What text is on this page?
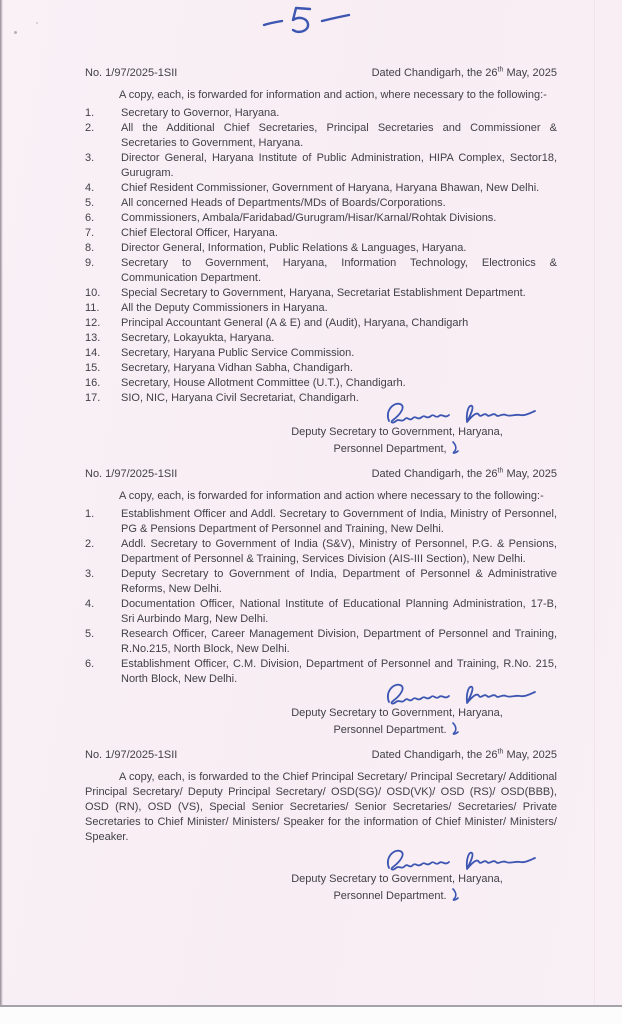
No. 1/97/2025-1SII	Dated Chandigarh, the 26th May, 2025

A copy, each, is forwarded for information and action, where necessary to the following:-

1.	Secretary to Governor, Haryana.
2.	All the Additional Chief Secretaries, Principal Secretaries and Commissioner & Secretaries to Government, Haryana.
3.	Director General, Haryana Institute of Public Administration, HIPA Complex, Sector18, Gurugram.
4.	Chief Resident Commissioner, Government of Haryana, Haryana Bhawan, New Delhi.
5.	All concerned Heads of Departments/MDs of Boards/Corporations.
6.	Commissioners, Ambala/Faridabad/Gurugram/Hisar/Karnal/Rohtak Divisions.
7.	Chief Electoral Officer, Haryana.
8.	Director General, Information, Public Relations & Languages, Haryana.
9.	Secretary to Government, Haryana, Information Technology, Electronics & Communication Department.
10.	Special Secretary to Government, Haryana, Secretariat Establishment Department.
11.	All the Deputy Commissioners in Haryana.
12.	Principal Accountant General (A & E) and (Audit), Haryana, Chandigarh
13.	Secretary, Lokayukta, Haryana.
14.	Secretary, Haryana Public Service Commission.
15.	Secretary, Haryana Vidhan Sabha, Chandigarh.
16.	Secretary, House Allotment Committee (U.T.), Chandigarh.
17.	SIO, NIC, Haryana Civil Secretariat, Chandigarh.
Deputy Secretary to Government, Haryana,
Personnel Department,
No. 1/97/2025-1SII	Dated Chandigarh, the 26th May, 2025

A copy, each, is forwarded for information and action where necessary to the following:-

1.	Establishment Officer and Addl. Secretary to Government of India, Ministry of Personnel, PG & Pensions Department of Personnel and Training, New Delhi.
2.	Addl. Secretary to Government of India (S&V), Ministry of Personnel, P.G. & Pensions, Department of Personnel & Training, Services Division (AIS-III Section), New Delhi.
3.	Deputy Secretary to Government of India, Department of Personnel & Administrative Reforms, New Delhi.
4.	Documentation Officer, National Institute of Educational Planning Administration, 17-B, Sri Aurbindo Marg, New Delhi.
5.	Research Officer, Career Management Division, Department of Personnel and Training, R.No.215, North Block, New Delhi.
6.	Establishment Officer, C.M. Division, Department of Personnel and Training, R.No. 215, North Block, New Delhi.
Deputy Secretary to Government, Haryana,
Personnel Department.
No. 1/97/2025-1SII	Dated Chandigarh, the 26th May, 2025

A copy, each, is forwarded to the Chief Principal Secretary/ Principal Secretary/ Additional Principal Secretary/ Deputy Principal Secretary/ OSD(SG)/ OSD(VK)/ OSD (RS)/ OSD(BBB), OSD (RN), OSD (VS), Special Senior Secretaries/ Senior Secretaries/ Secretaries/ Private Secretaries to Chief Minister/ Ministers/ Speaker for the information of Chief Minister/ Ministers/ Speaker.

Deputy Secretary to Government, Haryana,
Personnel Department.
